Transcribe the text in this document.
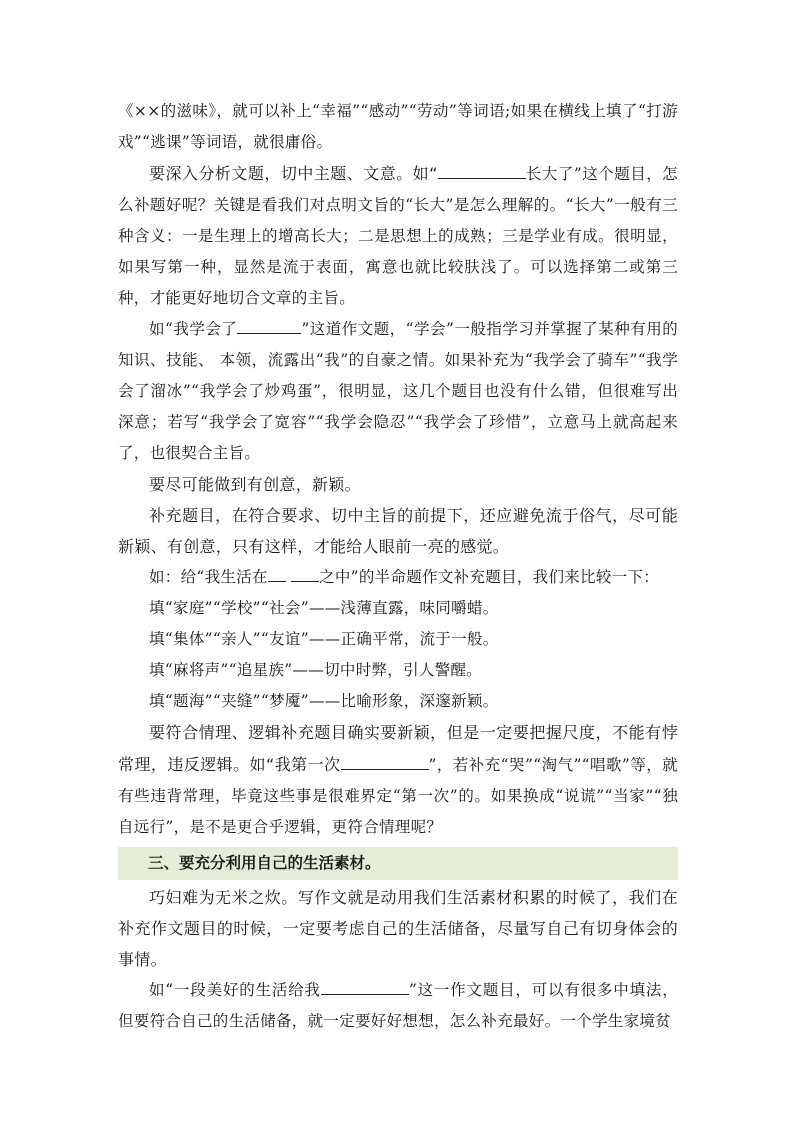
《××的滋味》，就可以补上“幸福”“感动”“劳动”等词语;如果在横线上填了“打游戏”“逃课”等词语，就很庸俗。

要深入分析文题，切中主题、文意。如“	长大了”这个题目，怎么补题好呢？关键是看我们对点明文旨的“长大”是怎么理解的。“长大”一般有三种含义：一是生理上的增高长大；二是思想上的成熟；三是学业有成。很明显，如果写第一种，显然是流于表面，寓意也就比较肤浅了。可以选择第二或第三种，才能更好地切合文章的主旨。

如“我学会了	”这道作文题，“学会”一般指学习并掌握了某种有用的知识、技能、 本领，流露出“我”的自豪之情。如果补充为“我学会了骑车”“我学会了溜冰”“我学会了炒鸡蛋”，很明显，这几个题目也没有什么错，但很难写出深意；若写“我学会了宽容”“我学会隐忍”“我学会了珍惜”，立意马上就高起来了，也很契合主旨。

要尽可能做到有创意，新颖。

补充题目，在符合要求、切中主旨的前提下，还应避免流于俗气，尽可能新颖、有创意，只有这样，才能给人眼前一亮的感觉。

如：给“我生活在	之中”的半命题作文补充题目，我们来比较一下：

填“家庭”“学校”“社会”——浅薄直露，味同嚼蜡。

填“集体”“亲人”“友谊”——正确平常，流于一般。

填“麻将声”“追星族”——切中时弊，引人警醒。

填“题海”“夹缝”“梦魇”——比喻形象，深邃新颖。

要符合情理、逻辑补充题目确实要新颖，但是一定要把握尺度，不能有悖常理，违反逻辑。如“我第一次	”，若补充“哭”“淘气”“唱歌”等，就有些违背常理，毕竟这些事是很难界定“第一次”的。如果换成“说谎”“当家”“独自远行”，是不是更合乎逻辑，更符合情理呢？

三、要充分利用自己的生活素材。

巧妇难为无米之炊。写作文就是动用我们生活素材积累的时候了，我们在补充作文题目的时候，一定要考虑自己的生活储备，尽量写自己有切身体会的事情。

如“一段美好的生活给我	”这一作文题目，可以有很多中填法，但要符合自己的生活储备，就一定要好好想想，怎么补充最好。一个学生家境贫
